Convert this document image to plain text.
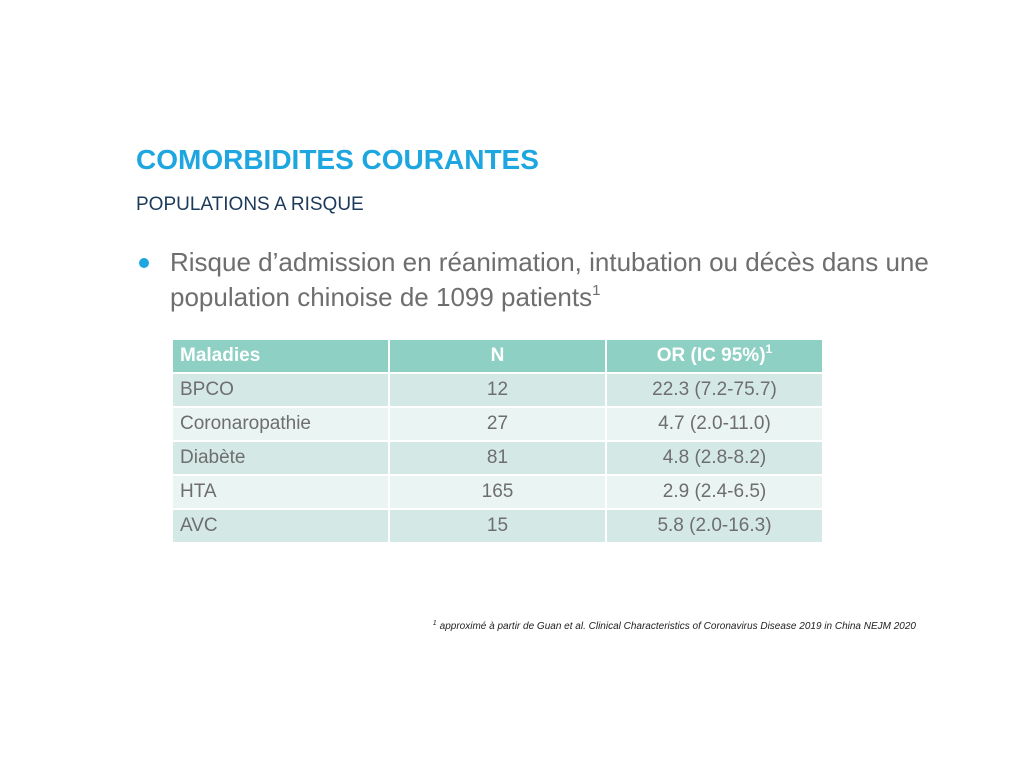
COMORBIDITES COURANTES
POPULATIONS A RISQUE

Risque d’admission en réanimation, intubation ou décès dans une population chinoise de 1099 patients$^1$

Maladies	N	OR (IC 95%)$^1$
BPCO	12	22.3 (7.2-75.7)
Coronaropathie	27	4.7 (2.0-11.0)
Diabète	81	4.8 (2.8-8.2)
HTA	165	2.9 (2.4-6.5)
AVC	15	5.8 (2.0-16.3)

$^1$ approximé à partir de Guan et al. Clinical Characteristics of Coronavirus Disease 2019 in China NEJM 2020
